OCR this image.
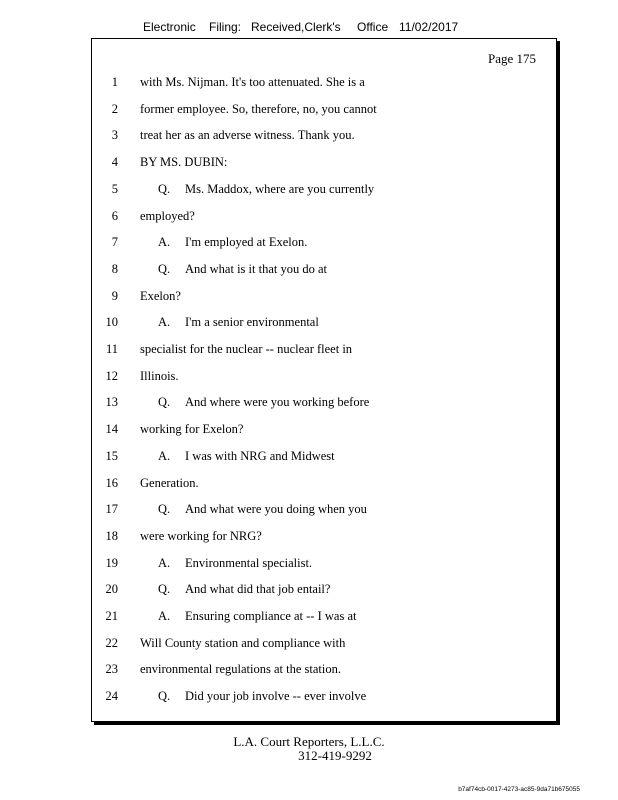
Electronic Filing: Received,Clerk's Office 11/02/2017
Page 175
1 with Ms. Nijman. It's too attenuated. She is a
2 former employee. So, therefore, no, you cannot
3 treat her as an adverse witness. Thank you.
4 BY MS. DUBIN:
5	Q. Ms. Maddox, where are you currently
6 employed?
7	A. I'm employed at Exelon.
8	Q. And what is it that you do at
9 Exelon?
10	A. I'm a senior environmental
11 specialist for the nuclear -- nuclear fleet in
12 Illinois.
13	Q. And where were you working before
14 working for Exelon?
15	A. I was with NRG and Midwest
16 Generation.
17	Q. And what were you doing when you
18 were working for NRG?
19	A. Environmental specialist.
20	Q. And what did that job entail?
21	A. Ensuring compliance at -- I was at
22 Will County station and compliance with
23 environmental regulations at the station.
24	Q. Did your job involve -- ever involve
L.A. Court Reporters, L.L.C.
312-419-9292
b7af74cb-0017-4273-ac85-9da71b675055
